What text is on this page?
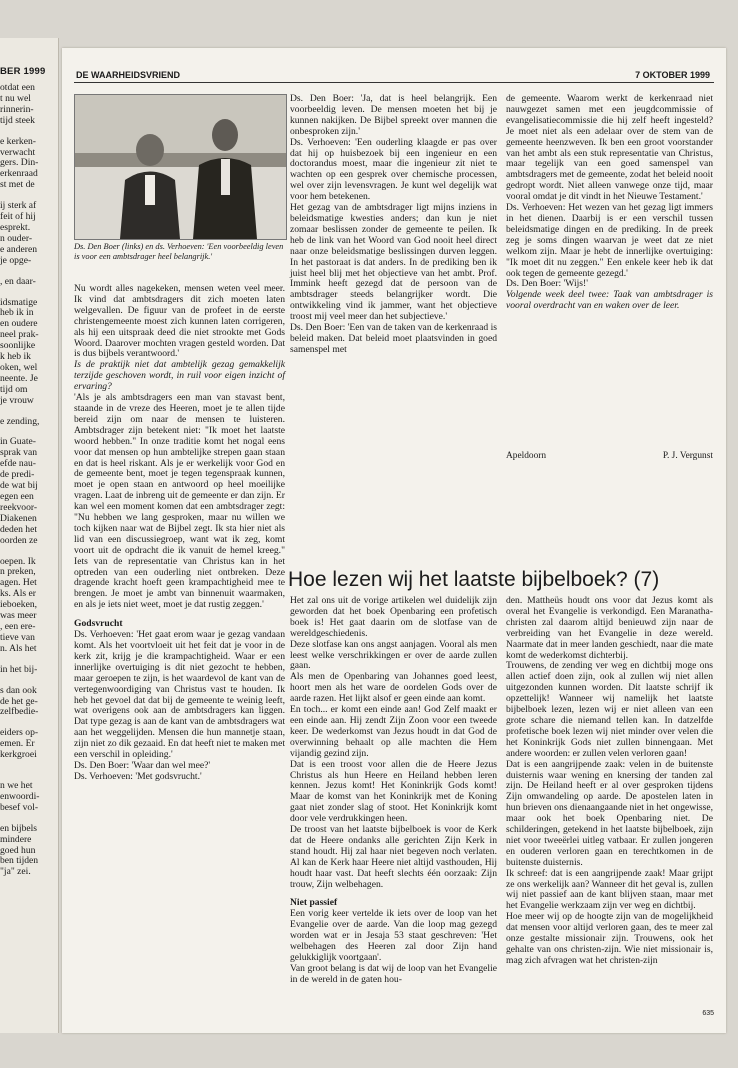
BER 1999
otdat een
t nu wel
rinnerin-
tijd steek
e kerken-
verwacht
gers. Din-
erkenraad
st met de
ij sterk af
feit of hij
esprekt.
n ouder-
e anderen
je opge-
, en daar-
idsmatige
heb ik in
en oudere
neel prak-
soonlijke
k heb ik
oken, wel
neente. Je
tijd om
je vrouw
e zending,
in Guate-
sprak van
efde nau-
de predi-
de wat bij
egen een
reekvoor-
Diakenen
deden het
oorden ze
oepen. Ik
n preken,
agen. Het
ks. Als er
ieboeken,
was meer
, een ere-
tieve van
n. Als het
in het bij-
s dan ook
de het ge-
zelfbedie-
eiders op-
emen. Er
kerkgroei
n we het
enwoordi-
besef vol-
en bijbels
mindere
goed hun
ben tijden
"ja" zei.
DE WAARHEIDSVRIEND	7 OKTOBER 1999
Ds. Den Boer (links) en ds. Verhoeven: 'Een voorbeeldig leven is voor een ambtsdrager heel belangrijk.'

Nu wordt alles nagekeken, mensen weten veel meer. Ik vind dat ambtsdragers dit zich moeten laten welgevallen. De figuur van de profeet in de eerste christengemeente moest zich kunnen laten corrigeren, als hij een uitspraak deed die niet strookte met Gods Woord. Daarover mochten vragen gesteld worden. Dat is dus bijbels verantwoord.'

Is de praktijk niet dat ambtelijk gezag gemakkelijk terzijde geschoven wordt, in ruil voor eigen inzicht of ervaring?

'Als je als ambtsdragers een man van stavast bent, staande in de vreze des Heeren, moet je te allen tijde bereid zijn om naar de mensen te luisteren. Ambtsdrager zijn betekent niet: "Ik moet het laatste woord hebben." In onze traditie komt het nogal eens voor dat mensen op hun ambtelijke strepen gaan staan en dat is heel riskant. Als je er werkelijk voor God en de gemeente bent, moet je tegen tegenspraak kunnen, moet je open staan en antwoord op heel moeilijke vragen. Laat de inbreng uit de gemeente er dan zijn. Er kan wel een moment komen dat een ambtsdrager zegt: "Nu hebben we lang gesproken, maar nu willen we toch kijken naar wat de Bijbel zegt. Ik sta hier niet als lid van een discussiegroep, want wat ik zeg, komt voort uit de opdracht die ik vanuit de hemel kreeg." Iets van de representatie van Christus kan in het optreden van een ouderling niet ontbreken. Deze dragende kracht hoeft geen krampachtigheid mee te brengen. Je moet je ambt van binnenuit waarmaken, en als je iets niet weet, moet je dat rustig zeggen.'

Godsvrucht

Ds. Verhoeven: 'Het gaat erom waar je gezag vandaan komt. Als het voortvloeit uit het feit dat je voor in de kerk zit, krijg je die krampachtigheid. Waar er een innerlijke overtuiging is dit niet gezocht te hebben, maar geroepen te zijn, is het waardevol de kant van de vertegenwoordiging van Christus vast te houden. Ik heb het gevoel dat dat bij de gemeente te weinig leeft, wat overigens ook aan de ambtsdragers kan liggen. Dat type gezag is aan de kant van de ambtsdragers wat aan het weggelijden. Mensen die hun mannetje staan, zijn niet zo dik gezaaid. En dat heeft niet te maken met een verschil in opleiding.'

Ds. Den Boer: 'Waar dan wel mee?'

Ds. Verhoeven: 'Met godsvrucht.'

Ds. Den Boer: 'Ja, dat is heel belangrijk. Een voorbeeldig leven. De mensen moeten het bij je kunnen nakijken. De Bijbel spreekt over mannen die onbesproken zijn.'

Ds. Verhoeven: 'Een ouderling klaagde er pas over dat hij op huisbezoek bij een ingenieur en een doctorandus moest, maar die ingenieur zit niet te wachten op een gesprek over chemische processen, wel over zijn levensvragen. Je kunt wel degelijk wat voor hem betekenen.

Het gezag van de ambtsdrager ligt mijns inziens in beleidsmatige kwesties anders; dan kun je niet zomaar beslissen zonder de gemeente te peilen. Ik heb de link van het Woord van God nooit heel direct naar onze beleidsmatige beslissingen durven leggen. In het pastoraat is dat anders. In de prediking ben ik juist heel blij met het objectieve van het ambt. Prof. Immink heeft gezegd dat de persoon van de ambtsdrager steeds belangrijker wordt. Die ontwikkeling vind ik jammer, want het objectieve troost mij veel meer dan het subjectieve.'

Ds. Den Boer: 'Een van de taken van de kerkenraad is beleid maken. Dat beleid moet plaatsvinden in goed samenspel met

de gemeente. Waarom werkt de kerkenraad niet nauwgezet samen met een jeugdcommissie of evangelisatiecommissie die hij zelf heeft ingesteld? Je moet niet als een adelaar over de stem van de gemeente heenzweven. Ik ben een groot voorstander van het ambt als een stuk representatie van Christus, maar tegelijk van een goed samenspel van ambtsdragers met de gemeente, zodat het beleid nooit gedropt wordt. Niet alleen vanwege onze tijd, maar vooral omdat je dit vindt in het Nieuwe Testament.'

Ds. Verhoeven: Het wezen van het gezag ligt immers in het dienen. Daarbij is er een verschil tussen beleidsmatige dingen en de prediking. In de preek zeg je soms dingen waarvan je weet dat ze niet welkom zijn. Maar je hebt de innerlijke overtuiging: "Ik moet dit nu zeggen." Een enkele keer heb ik dat ook tegen de gemeente gezegd.'

Ds. Den Boer: 'Wijs!'

Volgende week deel twee: Taak van ambtsdrager is vooral overdracht van en waken over de leer.

Apeldoorn	P. J. Vergunst
Hoe lezen wij het laatste bijbelboek? (7)

Het zal ons uit de vorige artikelen wel duidelijk zijn geworden dat het boek Openbaring een profetisch boek is! Het gaat daarin om de slotfase van de wereldgeschiedenis.

Deze slotfase kan ons angst aanjagen. Vooral als men leest welke verschrikkingen er over de aarde zullen gaan.

Als men de Openbaring van Johannes goed leest, hoort men als het ware de oordelen Gods over de aarde razen. Het lijkt alsof er geen einde aan komt.

En toch... er komt een einde aan! God Zelf maakt er een einde aan. Hij zendt Zijn Zoon voor een tweede keer. De wederkomst van Jezus houdt in dat God de overwinning behaalt op alle machten die Hem vijandig gezind zijn.

Dat is een troost voor allen die de Heere Jezus Christus als hun Heere en Heiland hebben leren kennen. Jezus komt! Het Koninkrijk Gods komt! Maar de komst van het Koninkrijk met de Koning gaat niet zonder slag of stoot. Het Koninkrijk komt door vele verdrukkingen heen.

De troost van het laatste bijbelboek is voor de Kerk dat de Heere ondanks alle gerichten Zijn Kerk in stand houdt. Hij zal haar niet begeven noch verlaten. Al kan de Kerk haar Heere niet altijd vasthouden, Hij houdt haar vast. Dat heeft slechts één oorzaak: Zijn trouw, Zijn welbehagen.

Niet passief

Een vorig keer vertelde ik iets over de loop van het Evangelie over de aarde. Van die loop mag gezegd worden wat er in Jesaja 53 staat geschreven: 'Het welbehagen des Heeren zal door Zijn hand gelukkiglijk voortgaan'.

Van groot belang is dat wij de loop van het Evangelie in de wereld in de gaten hou-

den. Mattheüs houdt ons voor dat Jezus komt als overal het Evangelie is verkondigd. Een Maranatha-christen zal daarom altijd benieuwd zijn naar de verbreiding van het Evangelie in deze wereld. Naarmate dat in meer landen geschiedt, naar die mate komt de wederkomst dichterbij.

Trouwens, de zending ver weg en dichtbij moge ons allen actief doen zijn, ook al zullen wij niet allen uitgezonden kunnen worden. Dit laatste schrijf ik opzettelijk! Wanneer wij namelijk het laatste bijbelboek lezen, lezen wij er niet alleen van een grote schare die niemand tellen kan. In datzelfde profetische boek lezen wij niet minder over velen die het Koninkrijk Gods niet zullen binnengaan. Met andere woorden: er zullen velen verloren gaan!

Dat is een aangrijpende zaak: velen in de buitenste duisternis waar wening en knersing der tanden zal zijn. De Heiland heeft er al over gesproken tijdens Zijn omwandeling op aarde. De apostelen laten in hun brieven ons dienaangaande niet in het ongewisse, maar ook het boek Openbaring niet. De schilderingen, getekend in het laatste bijbelboek, zijn niet voor tweeërlei uitleg vatbaar. Er zullen jongeren en ouderen verloren gaan en terechtkomen in de buitenste duisternis.

Ik schreef: dat is een aangrijpende zaak! Maar grijpt ze ons werkelijk aan? Wanneer dit het geval is, zullen wij niet passief aan de kant blijven staan, maar met het Evangelie werkzaam zijn ver weg en dichtbij.

Hoe meer wij op de hoogte zijn van de mogelijkheid dat mensen voor altijd verloren gaan, des te meer zal onze gestalte missionair zijn. Trouwens, ook het gehalte van ons christen-zijn. Wie niet missionair is, mag zich afvragen wat het christen-zijn

635
